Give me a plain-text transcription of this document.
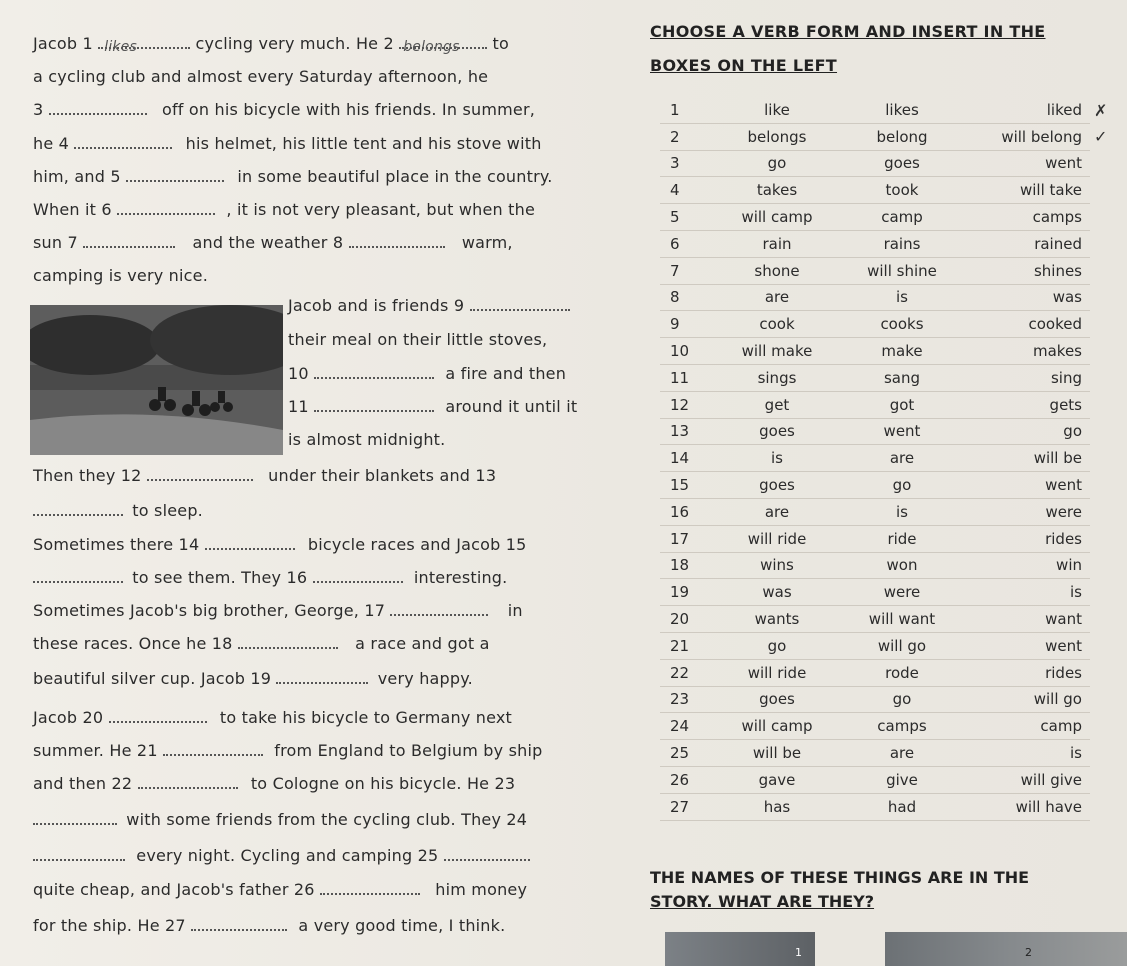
Jacob 1 likes	cycling very much. He 2 belongs to
a cycling club and almost every Saturday afternoon, he
3	off on his bicycle with his friends. In summer,
he 4	his helmet, his little tent and his stove with
him, and 5	in some beautiful place in the country.
When it 6	, it is not very pleasant, but when the
sun 7	and the weather 8	warm,
camping is very nice.
Jacob and is friends 9
their meal on their little stoves,
10	a fire and then
11	around it until it
is almost midnight.
Then they 12	under their blankets and 13
to sleep.
Sometimes there 14	bicycle races and Jacob 15
to see them. They 16	interesting.
Sometimes Jacob's big brother, George, 17	in
these races. Once he 18	a race and got a
beautiful silver cup. Jacob 19	very happy.
Jacob 20	to take his bicycle to Germany next
summer. He 21	from England to Belgium by ship
and then 22	to Cologne on his bicycle. He 23
with some friends from the cycling club. They 24
every night. Cycling and camping 25
quite cheap, and Jacob's father 26	him money
for the ship. He 27	a very good time, I think.
CHOOSE A VERB FORM AND INSERT IN THE
BOXES ON THE LEFT
1	like	likes	liked	✗
2	belongs	belong	will belong	✓
3	go	goes	went	
4	takes	took	will take	
5	will camp	camp	camps	
6	rain	rains	rained	
7	shone	will shine	shines	
8	are	is	was	
9	cook	cooks	cooked	
10	will make	make	makes	
11	sings	sang	sing	
12	get	got	gets	
13	goes	went	go	
14	is	are	will be	
15	goes	go	went	
16	are	is	were	
17	will ride	ride	rides	
18	wins	won	win	
19	was	were	is	
20	wants	will want	want	
21	go	will go	went	
22	will ride	rode	rides	
23	goes	go	will go	
24	will camp	camps	camp	
25	will be	are	is	
26	gave	give	will give	
27	has	had	will have	
THE NAMES OF THESE THINGS ARE IN THE
STORY. WHAT ARE THEY?
1	2
